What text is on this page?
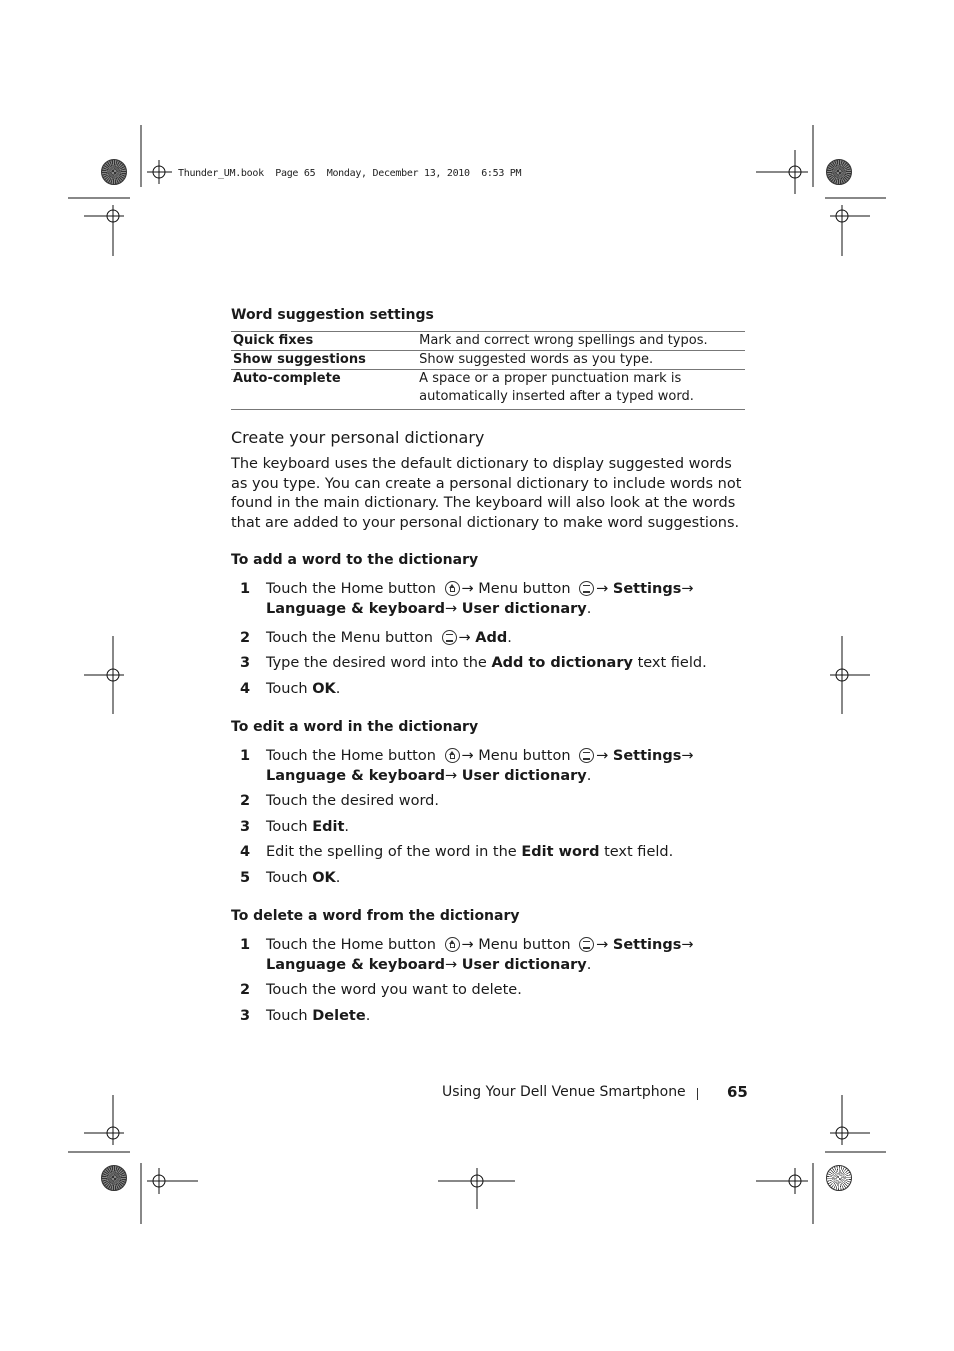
Thunder_UM.book  Page 65  Monday, December 13, 2010  6:53 PM
Word suggestion settings
Quick fixes	Mark and correct wrong spellings and typos.
Show suggestions	Show suggested words as you type.
Auto-complete	A space or a proper punctuation mark is automatically inserted after a typed word.
Create your personal dictionary
The keyboard uses the default dictionary to display suggested words as you type. You can create a personal dictionary to include words not found in the main dictionary. The keyboard will also look at the words that are added to your personal dictionary to make word suggestions.
To add a word to the dictionary
1 Touch the Home button → Menu button → Settings→
Language & keyboard→ User dictionary.
2 Touch the Menu button → Add.
3 Type the desired word into the Add to dictionary text field.
4 Touch OK.
To edit a word in the dictionary
1 Touch the Home button → Menu button → Settings→
Language & keyboard→ User dictionary.
2 Touch the desired word.
3 Touch Edit.
4 Edit the spelling of the word in the Edit word text field.
5 Touch OK.
To delete a word from the dictionary
1 Touch the Home button → Menu button → Settings→
Language & keyboard→ User dictionary.
2 Touch the word you want to delete.
3 Touch Delete.
Using Your Dell Venue Smartphone	65
